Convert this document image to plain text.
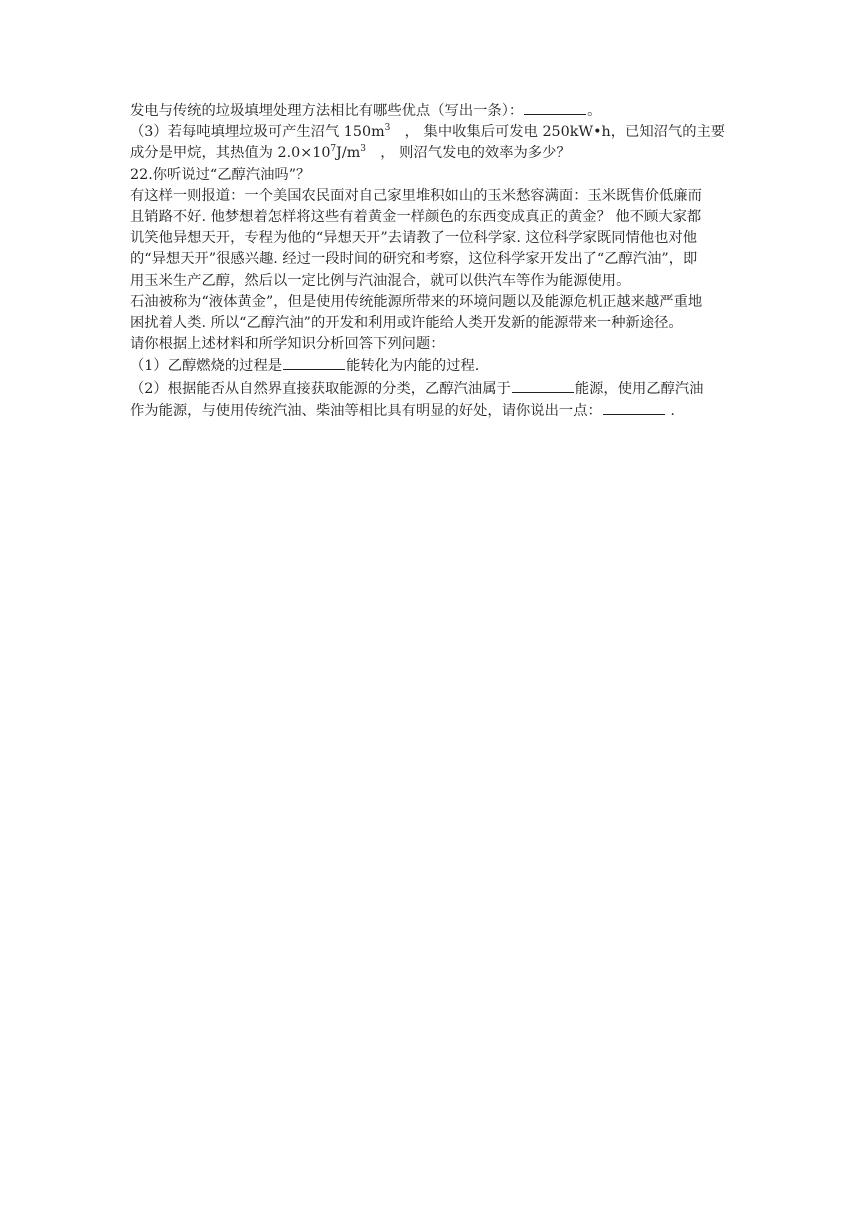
发电与传统的垃圾填埋处理方法相比有哪些优点（写出一条）：	。
（3）若每吨填埋垃圾可产生沼气 $150m^3$　， 集中收集后可发电 250kW•h，已知沼气的主要
成分是甲烷，其热值为 $2.0\times 10^7J/m^3$　， 则沼气发电的效率为多少？
22.你听说过“乙醇汽油吗”？
有这样一则报道：一个美国农民面对自己家里堆积如山的玉米愁容满面：玉米既售价低廉而
且销路不好. 他梦想着怎样将这些有着黄金一样颜色的东西变成真正的黄金？ 他不顾大家都
讥笑他异想天开，专程为他的“异想天开”去请教了一位科学家. 这位科学家既同情他也对他
的“异想天开”很感兴趣. 经过一段时间的研究和考察，这位科学家开发出了“乙醇汽油”，即
用玉米生产乙醇，然后以一定比例与汽油混合，就可以供汽车等作为能源使用。
石油被称为“液体黄金”，但是使用传统能源所带来的环境问题以及能源危机正越来越严重地
困扰着人类. 所以“乙醇汽油”的开发和利用或许能给人类开发新的能源带来一种新途径。
请你根据上述材料和所学知识分析回答下列问题：
（1）乙醇燃烧的过程是	能转化为内能的过程.
（2）根据能否从自然界直接获取能源的分类，乙醇汽油属于	能源，使用乙醇汽油
作为能源，与使用传统汽油、柴油等相比具有明显的好处，请你说出一点：	.
